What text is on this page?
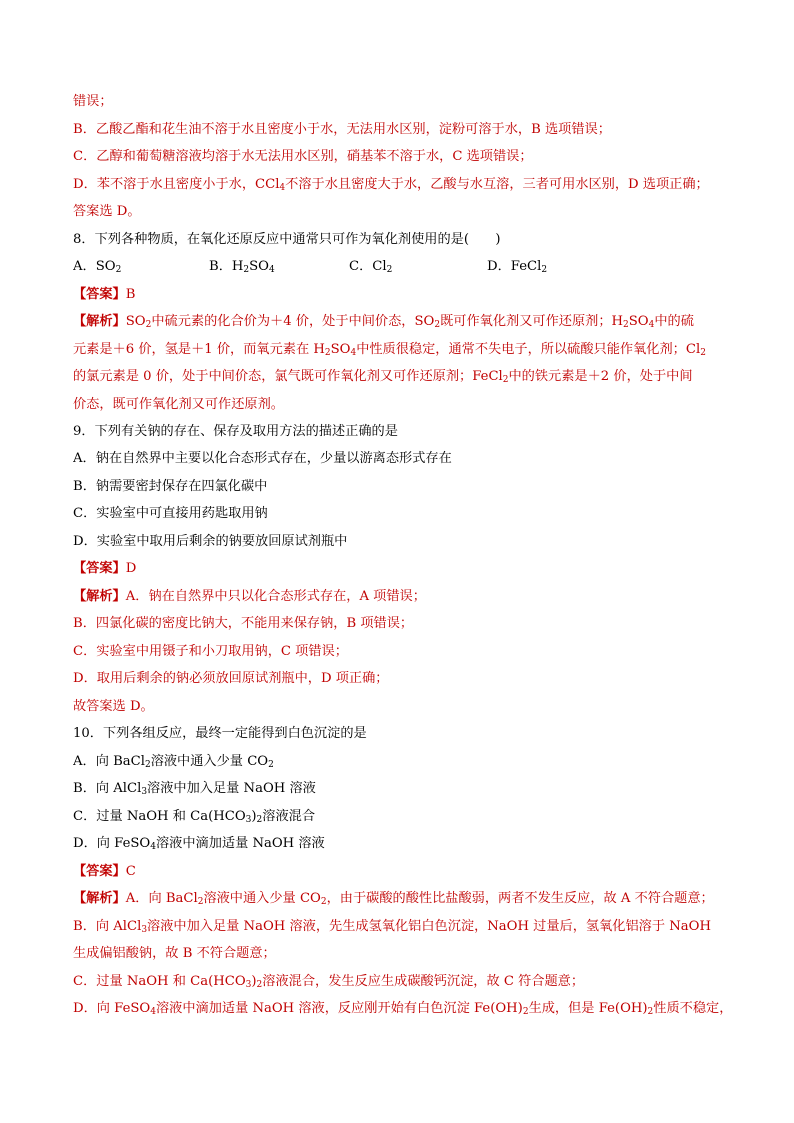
错误；
B．乙酸乙酯和花生油不溶于水且密度小于水，无法用水区别，淀粉可溶于水，B 选项错误；
C．乙醇和葡萄糖溶液均溶于水无法用水区别，硝基苯不溶于水，C 选项错误；
D．苯不溶于水且密度小于水，CCl$_4$不溶于水且密度大于水，乙酸与水互溶，三者可用水区别，D 选项正确；
答案选 D。
8．下列各种物质，在氧化还原反应中通常只可作为氧化剂使用的是(　　)
A．$SO_2$	B．$H_2SO_4$	C．$Cl_2$	D．FeCl$_2$
【答案】B
【解析】$SO_2$中硫元素的化合价为＋4 价，处于中间价态，$SO_2$既可作氧化剂又可作还原剂；$H_2SO_4$中的硫
元素是＋6 价，氢是＋1 价，而氧元素在 $H_2SO_4$中性质很稳定，通常不失电子，所以硫酸只能作氧化剂；$Cl_2$
的氯元素是 0 价，处于中间价态，氯气既可作氧化剂又可作还原剂；FeCl$_2$中的铁元素是＋2 价，处于中间
价态，既可作氧化剂又可作还原剂。
9．下列有关钠的存在、保存及取用方法的描述正确的是
A．钠在自然界中主要以化合态形式存在，少量以游离态形式存在
B．钠需要密封保存在四氯化碳中
C．实验室中可直接用药匙取用钠
D．实验室中取用后剩余的钠要放回原试剂瓶中
【答案】D
【解析】A．钠在自然界中只以化合态形式存在，A 项错误；
B．四氯化碳的密度比钠大，不能用来保存钠，B 项错误；
C．实验室中用镊子和小刀取用钠，C 项错误；
D．取用后剩余的钠必须放回原试剂瓶中，D 项正确；
故答案选 D。
10．下列各组反应，最终一定能得到白色沉淀的是
A．向 BaCl$_2$溶液中通入少量 $CO_2$
B．向 AlCl$_3$溶液中加入足量 NaOH 溶液
C．过量 NaOH 和 $Ca(HCO_3)_2$溶液混合
D．向 FeSO$_4$溶液中滴加适量 NaOH 溶液
【答案】C
【解析】A．向 BaCl$_2$溶液中通入少量 $CO_2$，由于碳酸的酸性比盐酸弱，两者不发生反应，故 A 不符合题意；
B．向 AlCl$_3$溶液中加入足量 NaOH 溶液，先生成氢氧化铝白色沉淀，NaOH 过量后，氢氧化铝溶于 NaOH
生成偏铝酸钠，故 B 不符合题意；
C．过量 NaOH 和 $Ca(HCO_3)_2$溶液混合，发生反应生成碳酸钙沉淀，故 C 符合题意；
D．向 FeSO$_4$溶液中滴加适量 NaOH 溶液，反应刚开始有白色沉淀 $Fe(OH)_2$生成，但是 $Fe(OH)_2$性质不稳定，
